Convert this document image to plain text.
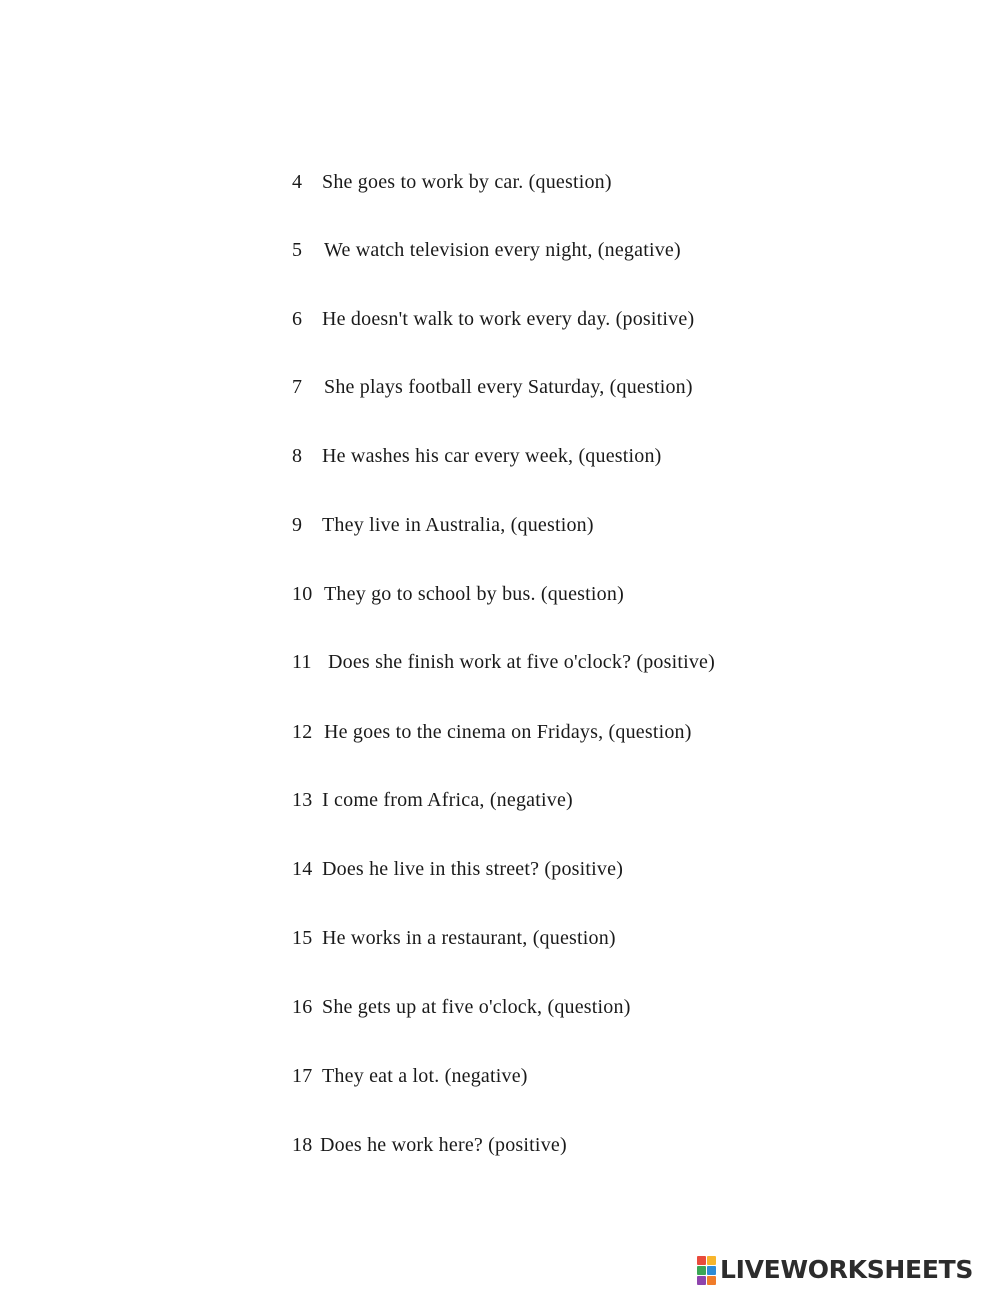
4 She goes to work by car. (question)
5 We watch television every night, (negative)
6 He doesn't walk to work every day. (positive)
7 She plays football every Saturday, (question)
8 He washes his car every week, (question)
9 They live in Australia, (question)
10 They go to school by bus. (question)
11 Does she finish work at five o'clock? (positive)
12 He goes to the cinema on Fridays, (question)
13 I come from Africa, (negative)
14 Does he live in this street? (positive)
15 He works in a restaurant, (question)
16 She gets up at five o'clock, (question)
17 They eat a lot. (negative)
18 Does he work here? (positive)
LIVEWORKSHEETS
